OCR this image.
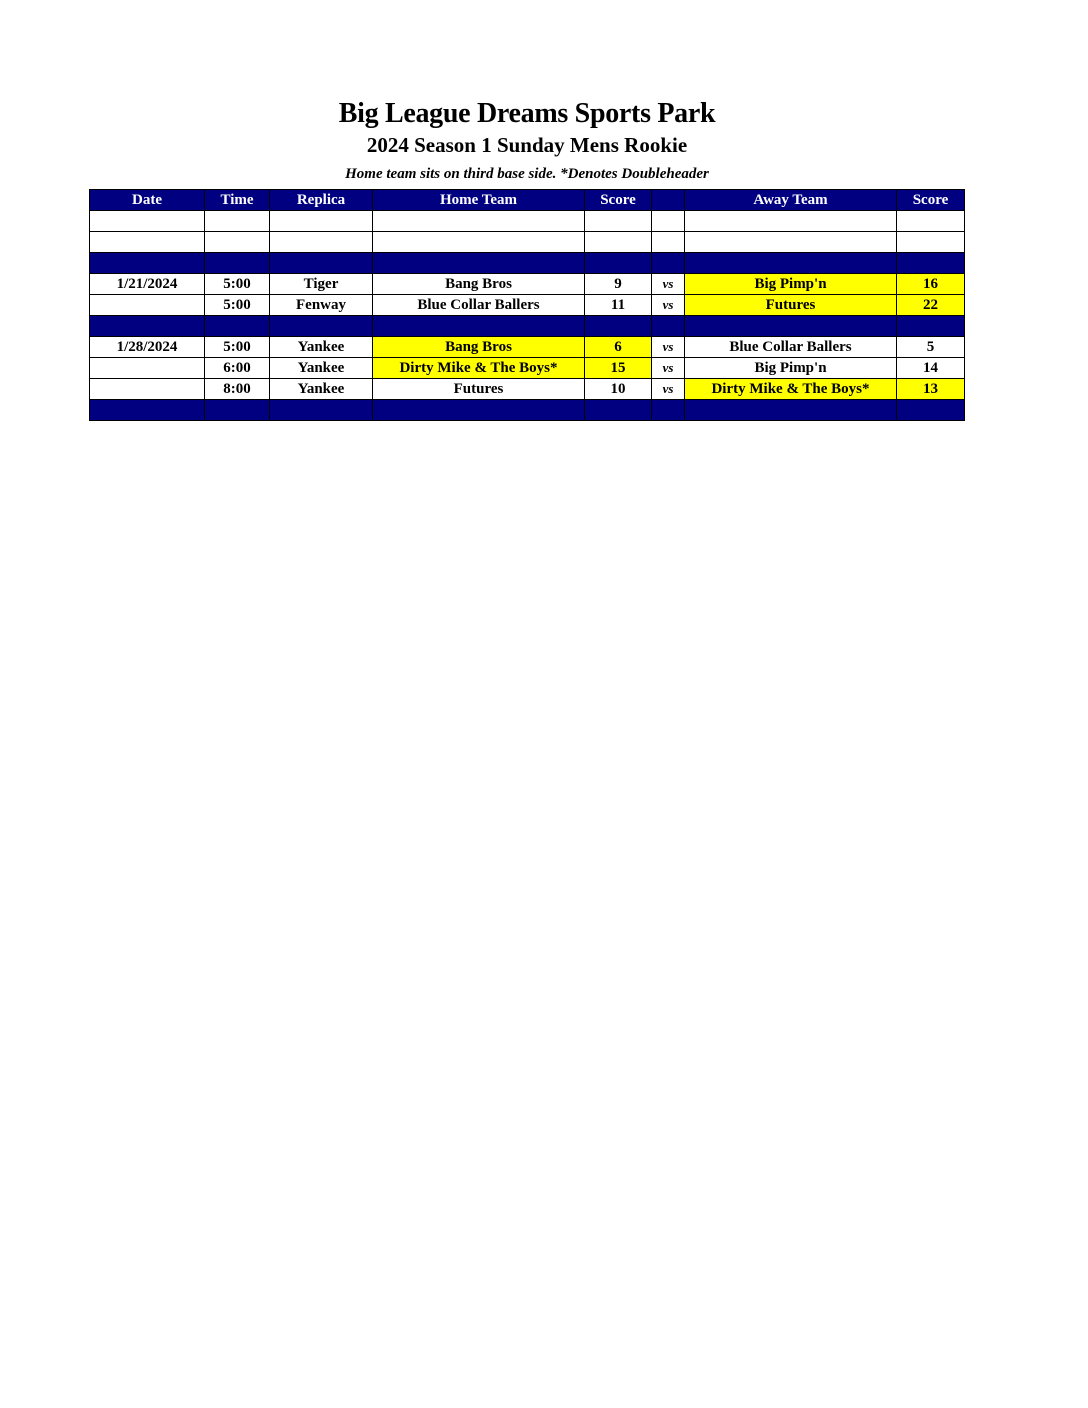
Big League Dreams Sports Park
2024 Season 1 Sunday Mens Rookie
Home team sits on third base side. *Denotes Doubleheader
Date	Time	Replica	Home Team	Score		Away Team	Score

1/21/2024	5:00	Tiger	Bang Bros	9	vs	Big Pimp'n	16
	5:00	Fenway	Blue Collar Ballers	11	vs	Futures	22

1/28/2024	5:00	Yankee	Bang Bros	6	vs	Blue Collar Ballers	5
	6:00	Yankee	Dirty Mike & The Boys*	15	vs	Big Pimp'n	14
	8:00	Yankee	Futures	10	vs	Dirty Mike & The Boys*	13
